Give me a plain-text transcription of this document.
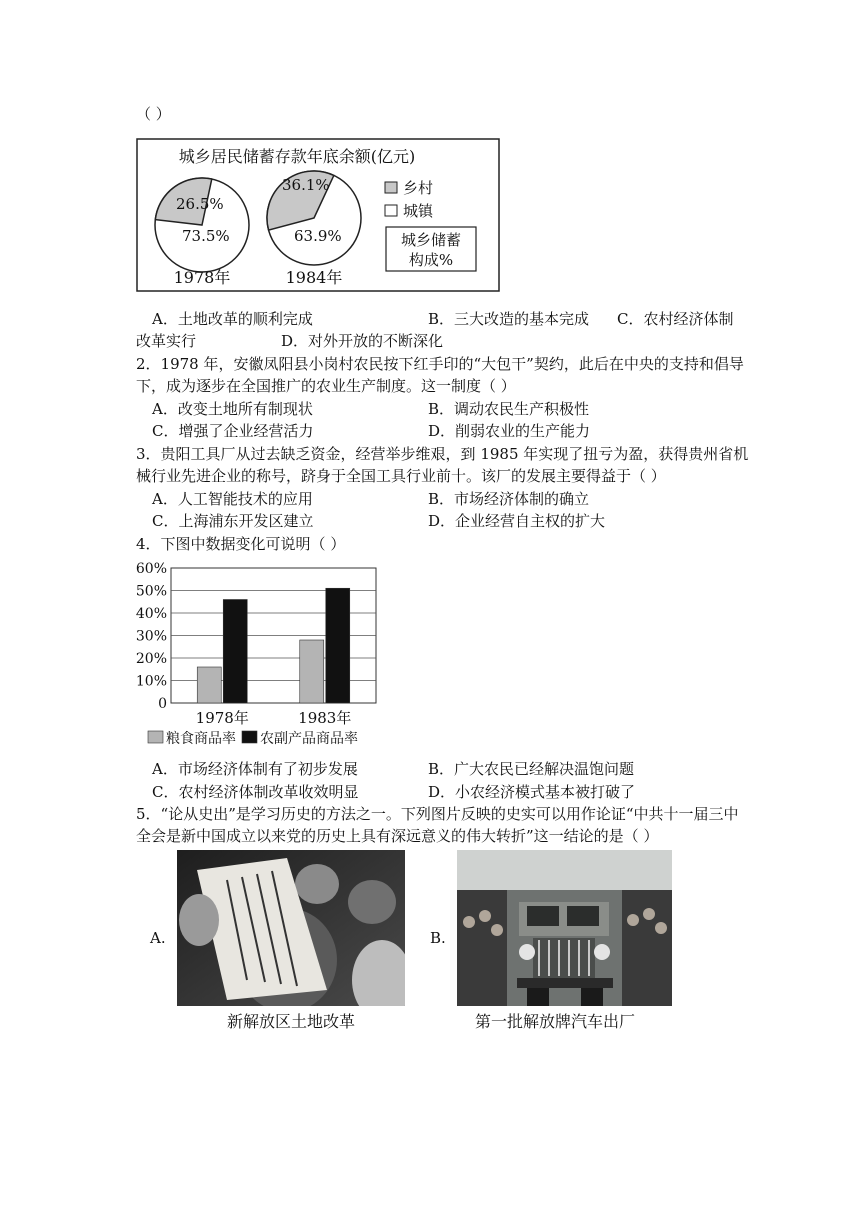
（ ）
城乡居民储蓄存款年底余额(亿元)
26.5%
73.5%
1978年
36.1%
63.9%
1984年
乡村
城镇
城乡储蓄
构成%
A．土地改革的顺利完成	B．三大改造的基本完成 C．农村经济体制
改革实行	D．对外开放的不断深化
2．1978 年，安徽凤阳县小岗村农民按下红手印的“大包干”契约，此后在中央的支持和倡导
下，成为逐步在全国推广的农业生产制度。这一制度（ ）
A．改变土地所有制现状	B．调动农民生产积极性
C．增强了企业经营活力	D．削弱农业的生产能力
3．贵阳工具厂从过去缺乏资金，经营举步维艰，到 1985 年实现了扭亏为盈，获得贵州省机
械行业先进企业的称号，跻身于全国工具行业前十。该厂的发展主要得益于（ ）
A．人工智能技术的应用	B．市场经济体制的确立
C．上海浦东开发区建立	D．企业经营自主权的扩大
4．下图中数据变化可说明（ ）
0
10%
20%
30%
40%
50%
60%
1978年	1983年
粮食商品率 农副产品商品率
A．市场经济体制有了初步发展	B．广大农民已经解决温饱问题
C．农村经济体制改革收效明显	D．小农经济模式基本被打破了
5．“论从史出”是学习历史的方法之一。下列图片反映的史实可以用作论证“中共十一届三中
全会是新中国成立以来党的历史上具有深远意义的伟大转折”这一结论的是（ ）
A.
新解放区土地改革
B.
第一批解放牌汽车出厂
